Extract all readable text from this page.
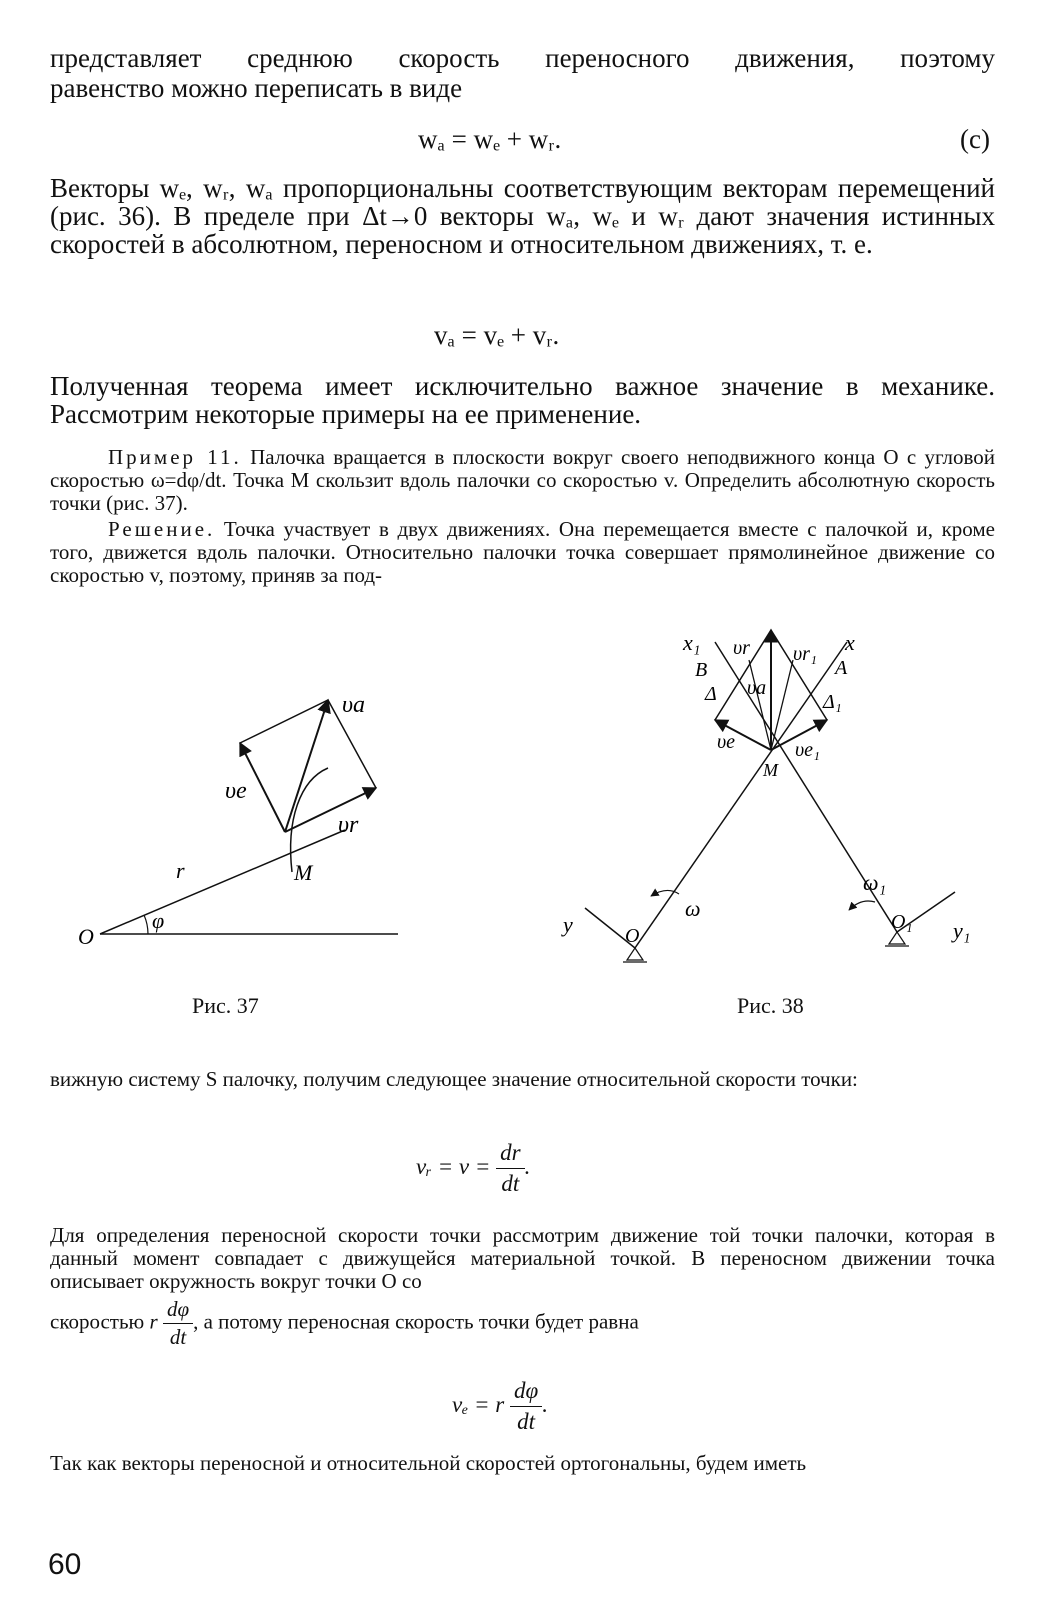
представляет среднюю скорость переносного движения, поэтому

равенство можно переписать в виде

wₐ = wₑ + wᵣ.	(с)

Векторы wₑ, wᵣ, wₐ пропорциональны соответствующим векторам перемещений (рис. 36). В пределе при Δt→0 векторы wₐ, wₑ и wᵣ дают значения истинных скоростей в абсолютном, переносном и относительном движениях, т. е.

vₐ = vₑ + vᵣ.

Полученная теорема имеет исключительно важное значение в механике. Рассмотрим некоторые примеры на ее применение.

Пример 11. Палочка вращается в плоскости вокруг своего неподвижного конца O с угловой скоростью ω=dφ/dt. Точка M скользит вдоль палочки со скоростью v. Определить абсолютную скорость точки (рис. 37).

Решение. Точка участвует в двух движениях. Она перемещается вместе с палочкой и, кроме того, движется вдоль палочки. Относительно палочки точка совершает прямолинейное движение со скоростью v, поэтому, приняв за под-

υa
υe
υr
r	M
O
φ
Рис. 37
x₁
B
Δ
υr
υa
υr₁ x
A
Δ₁
υe	υe₁
M
ω
ω₁
y	O
O₁ y₁
Рис. 38

вижную систему S палочку, получим следующее значение относительной скорости точки:

vᵣ = $v = \frac{dr}{dt}$ .

Для определения переносной скорости точки рассмотрим движение той точки палочки, которая в данный момент совпадает с движущейся материальной точкой. В переносном движении точка описывает окружность вокруг точки O со

скоростью r $\frac{d\varphi}{dt}$ , а потому переносная скорость точки будет равна
vₑ = r $\frac{d\varphi}{dt}$ .

Так как векторы переносной и относительной скоростей ортогональны, будем иметь

60
